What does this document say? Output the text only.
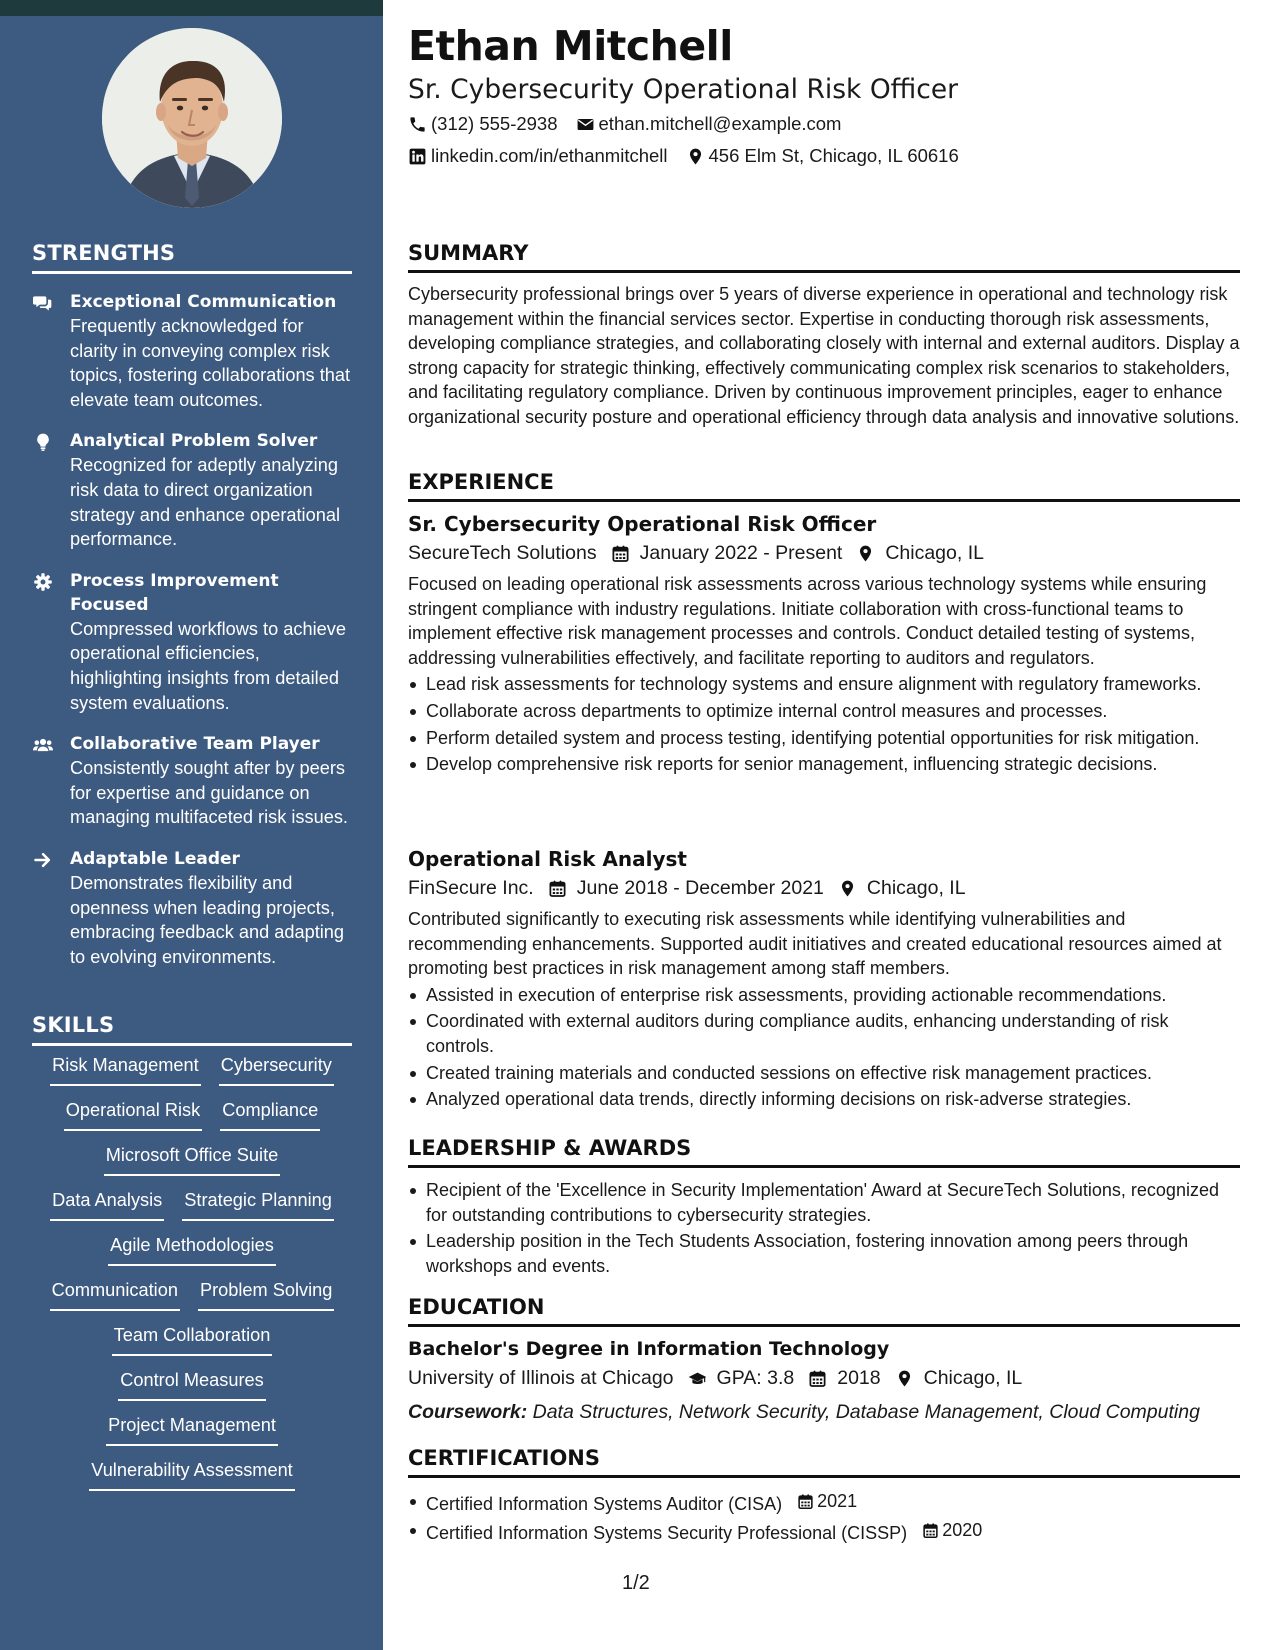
STRENGTHS
Exceptional Communication
Frequently acknowledged for clarity in conveying complex risk topics, fostering collaborations that elevate team outcomes.
Analytical Problem Solver
Recognized for adeptly analyzing risk data to direct organization strategy and enhance operational performance.
Process Improvement Focused
Compressed workflows to achieve operational efficiencies, highlighting insights from detailed system evaluations.
Collaborative Team Player
Consistently sought after by peers for expertise and guidance on managing multifaceted risk issues.
Adaptable Leader
Demonstrates flexibility and openness when leading projects, embracing feedback and adapting to evolving environments.
SKILLS
Risk Management Cybersecurity
Operational Risk Compliance
Microsoft Office Suite
Data Analysis Strategic Planning
Agile Methodologies
Communication Problem Solving
Team Collaboration
Control Measures
Project Management
Vulnerability Assessment
Ethan Mitchell
Sr. Cybersecurity Operational Risk Officer
(312) 555-2938 ethan.mitchell@example.com
linkedin.com/in/ethanmitchell 456 Elm St, Chicago, IL 60616
SUMMARY
Cybersecurity professional brings over 5 years of diverse experience in operational and technology risk management within the financial services sector. Expertise in conducting thorough risk assessments, developing compliance strategies, and collaborating closely with internal and external auditors. Display a strong capacity for strategic thinking, effectively communicating complex risk scenarios to stakeholders, and facilitating regulatory compliance. Driven by continuous improvement principles, eager to enhance organizational security posture and operational efficiency through data analysis and innovative solutions.
EXPERIENCE
Sr. Cybersecurity Operational Risk Officer
SecureTech Solutions January 2022 - Present Chicago, IL
Focused on leading operational risk assessments across various technology systems while ensuring stringent compliance with industry regulations. Initiate collaboration with cross-functional teams to implement effective risk management processes and controls. Conduct detailed testing of systems, addressing vulnerabilities effectively, and facilitate reporting to auditors and regulators.
Lead risk assessments for technology systems and ensure alignment with regulatory frameworks.
Collaborate across departments to optimize internal control measures and processes.
Perform detailed system and process testing, identifying potential opportunities for risk mitigation.
Develop comprehensive risk reports for senior management, influencing strategic decisions.
Operational Risk Analyst
FinSecure Inc. June 2018 - December 2021 Chicago, IL
Contributed significantly to executing risk assessments while identifying vulnerabilities and recommending enhancements. Supported audit initiatives and created educational resources aimed at promoting best practices in risk management among staff members.
Assisted in execution of enterprise risk assessments, providing actionable recommendations.
Coordinated with external auditors during compliance audits, enhancing understanding of risk controls.
Created training materials and conducted sessions on effective risk management practices.
Analyzed operational data trends, directly informing decisions on risk-adverse strategies.
LEADERSHIP & AWARDS
Recipient of the 'Excellence in Security Implementation' Award at SecureTech Solutions, recognized for outstanding contributions to cybersecurity strategies.
Leadership position in the Tech Students Association, fostering innovation among peers through workshops and events.
EDUCATION
Bachelor's Degree in Information Technology
University of Illinois at Chicago GPA: 3.8 2018 Chicago, IL
Coursework: Data Structures, Network Security, Database Management, Cloud Computing
CERTIFICATIONS
Certified Information Systems Auditor (CISA) 2021
Certified Information Systems Security Professional (CISSP) 2020
1/2
